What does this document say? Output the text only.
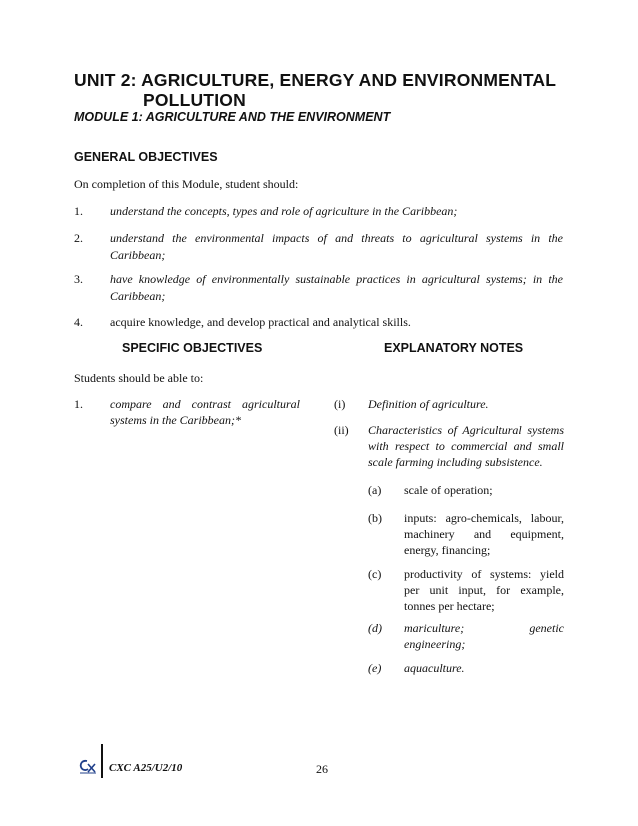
UNIT 2: AGRICULTURE, ENERGY AND ENVIRONMENTAL
POLLUTION
MODULE 1: AGRICULTURE AND THE ENVIRONMENT
GENERAL OBJECTIVES
On completion of this Module, student should:
1. understand the concepts, types and role of agriculture in the Caribbean;
2. understand the environmental impacts of and threats to agricultural systems in the Caribbean;
3. have knowledge of environmentally sustainable practices in agricultural systems; in the Caribbean;
4. acquire knowledge, and develop practical and analytical skills.
SPECIFIC OBJECTIVES	EXPLANATORY NOTES
Students should be able to:
1. compare and contrast agricultural systems in the Caribbean;*
(i) Definition of agriculture.
(ii) Characteristics of Agricultural systems with respect to commercial and small scale farming including subsistence.
(a) scale of operation;
(b) inputs: agro-chemicals, labour, machinery and equipment, energy, financing;
(c) productivity of systems: yield per unit input, for example, tonnes per hectare;
(d) mariculture; genetic engineering;
(e) aquaculture.
CXC A25/U2/10	26
